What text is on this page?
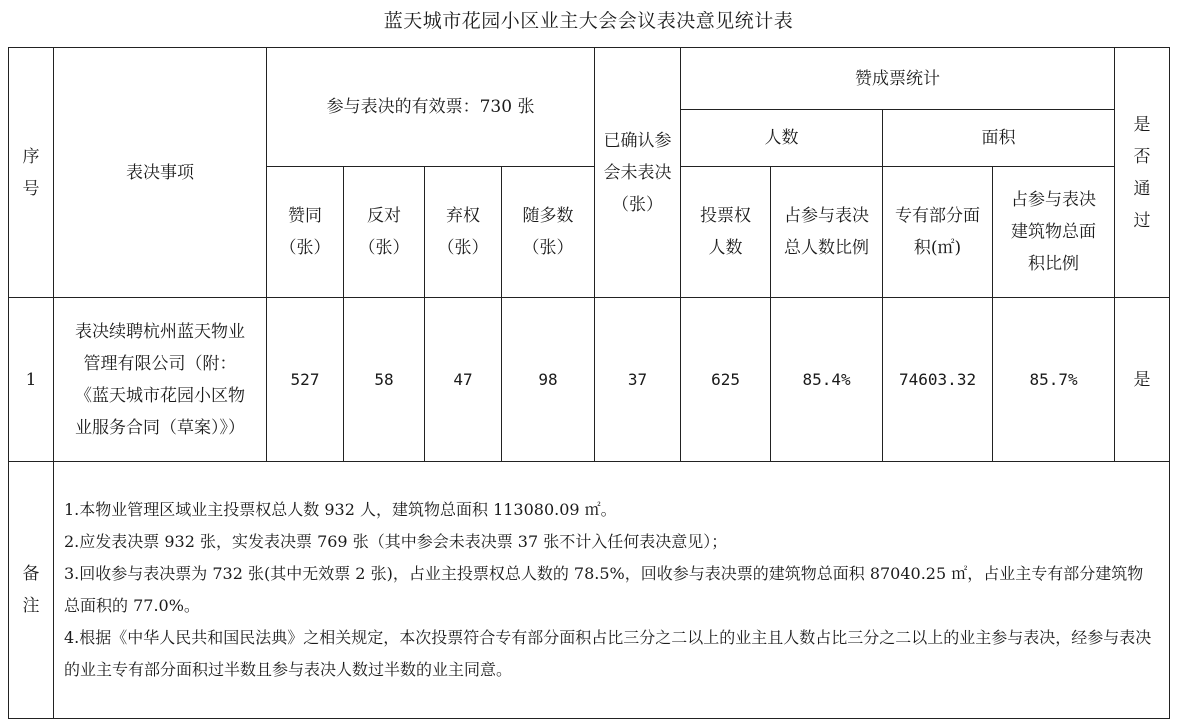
蓝天城市花园小区业主大会会议表决意见统计表
序号	表决事项	参与表决的有效票：730 张				已确认参会未表决（张）	赞成票统计				是否通过

							人数		面积		

		赞同（张）	反对（张）	弃权（张）	随多数（张）		投票权人数	占参与表决总人数比例	专有部分面积(㎡)	占参与表决建筑物总面积比例	

1	表决续聘杭州蓝天物业管理有限公司（附：《蓝天城市花园小区物业服务合同（草案）》）	527	58	47	98	37	625	85.4%	74603.32	85.7%	是

备注	1.本物业管理区域业主投票权总人数 932 人，建筑物总面积 113080.09 ㎡。

2.应发表决票 932 张，实发表决票 769 张（其中参会未表决票 37 张不计入任何表决意见）；

3.回收参与表决票为 732 张(其中无效票 2 张)，占业主投票权总人数的 78.5%，回收参与表决票的建筑物总面积 87040.25 ㎡，占业主专有部分建筑物总面积的 77.0%。

4.根据《中华人民共和国民法典》之相关规定，本次投票符合专有部分面积占比三分之二以上的业主且人数占比三分之二以上的业主参与表决，经参与表决的业主专有部分面积过半数且参与表决人数过半数的业主同意。										
